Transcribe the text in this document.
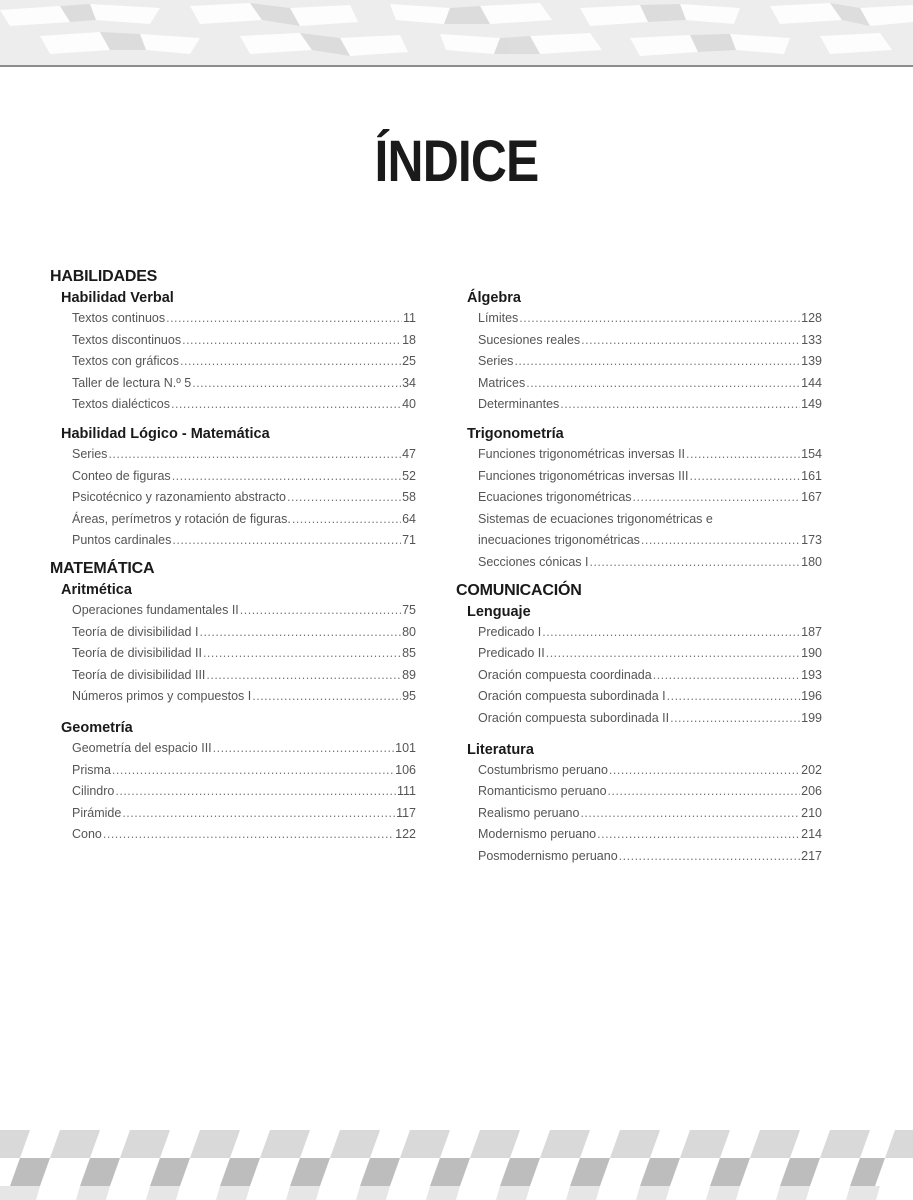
ÍNDICE
HABILIDADES
Habilidad Verbal
Textos continuos .....	11
Textos discontinuos .....	18
Textos con gráficos .....	25
Taller de lectura N.º 5 .....	34
Textos dialécticos .....	40
Habilidad Lógico - Matemática
Series .....	47
Conteo de figuras .....	52
Psicotécnico y razonamiento abstracto .....	58
Áreas, perímetros y rotación de figuras. .....	64
Puntos cardinales .....	71
MATEMÁTICA
Aritmética
Operaciones fundamentales II .....	75
Teoría de divisibilidad I .....	80
Teoría de divisibilidad II .....	85
Teoría de divisibilidad III .....	89
Números primos y compuestos I .....	95
Geometría
Geometría del espacio III .....	101
Prisma .....	106
Cilindro .....	111
Pirámide .....	117
Cono .....	122
Álgebra
Límites .....	128
Sucesiones reales .....	133
Series .....	139
Matrices .....	144
Determinantes .....	149
Trigonometría
Funciones trigonométricas inversas II .....	154
Funciones trigonométricas inversas III .....	161
Ecuaciones trigonométricas .....	167
Sistemas de ecuaciones trigonométricas e
inecuaciones trigonométricas .....	173
Secciones cónicas I .....	180
COMUNICACIÓN
Lenguaje
Predicado I .....	187
Predicado II .....	190
Oración compuesta coordinada .....	193
Oración compuesta subordinada I .....	196
Oración compuesta subordinada II .....	199
Literatura
Costumbrismo peruano .....	202
Romanticismo peruano .....	206
Realismo peruano .....	210
Modernismo peruano .....	214
Posmodernismo peruano .....	217
